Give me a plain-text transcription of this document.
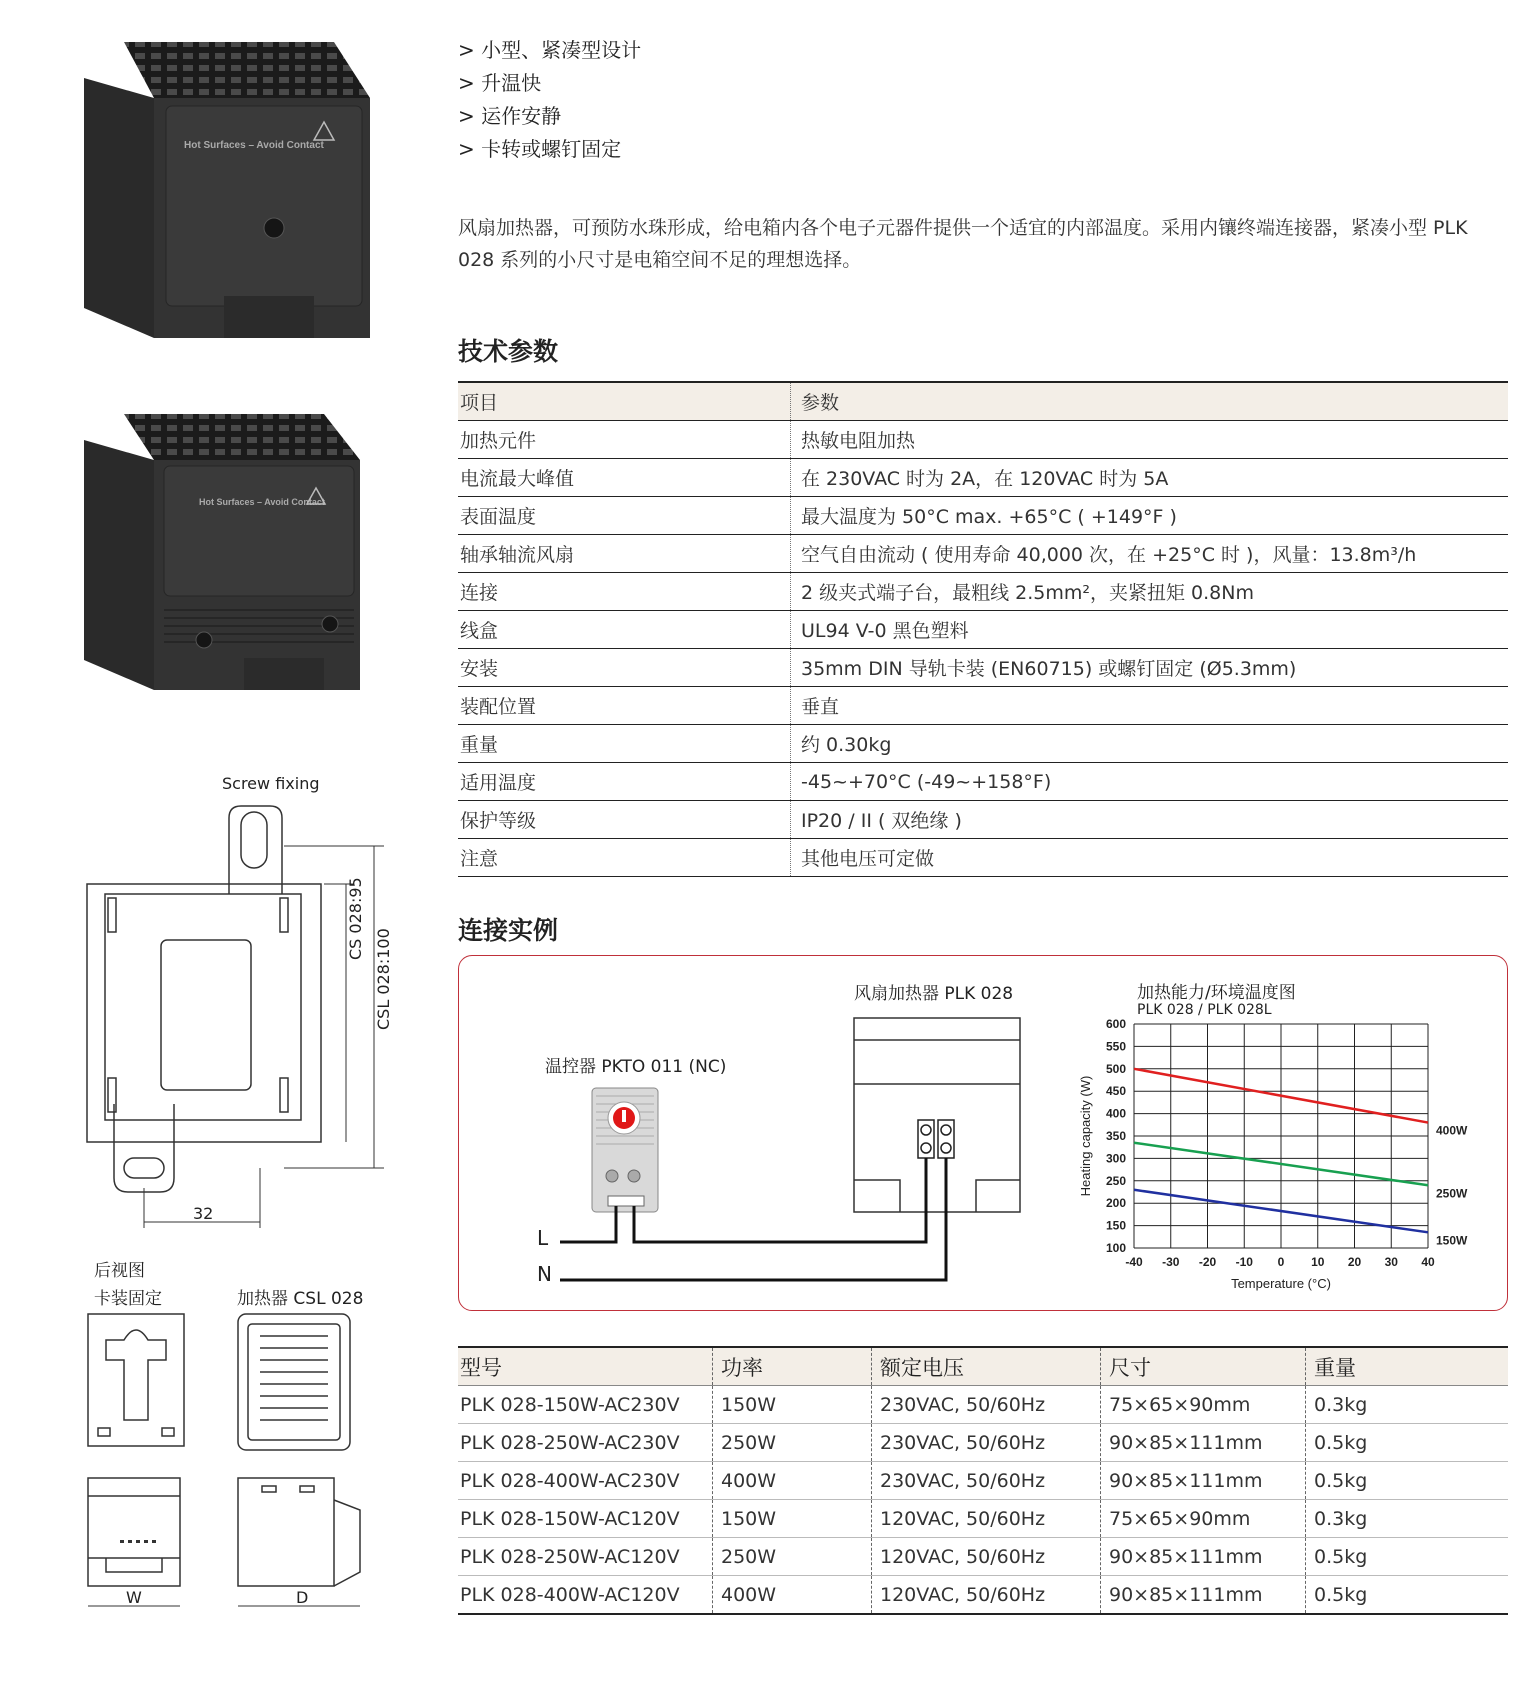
Hot Surfaces – Avoid Contact
Hot Surfaces – Avoid Contact
Screw fixing
CS 028:95
CSL 028:100
32
后视图
卡装固定	加热器 CSL 028
W	D
> 小型、紧凑型设计
> 升温快
> 运作安静
> 卡转或螺钉固定
风扇加热器，可预防水珠形成，给电箱内各个电子元器件提供一个适宜的内部温度。采用内镶终端连接器，紧凑小型 PLK 028 系列的小尺寸是电箱空间不足的理想选择。
技术参数
项目	参数
加热元件	热敏电阻加热
电流最大峰值	在 230VAC 时为 2A，在 120VAC 时为 5A
表面温度	最大温度为 50°C max. +65°C ( +149°F )
轴承轴流风扇	空气自由流动 ( 使用寿命 40,000 次，在 +25°C 时 )，风量：13.8m³/h
连接	2 级夹式端子台，最粗线 2.5mm²，夹紧扭矩 0.8Nm
线盒	UL94 V-0 黑色塑料
安装	35mm DIN 导轨卡装 (EN60715) 或螺钉固定 (Ø5.3mm)
装配位置	垂直
重量	约 0.30kg
适用温度	-45~+70°C (-49~+158°F)
保护等级	IP20 / II ( 双绝缘 )
注意	其他电压可定做
连接实例
温控器 PKTO 011 (NC)
风扇加热器 PLK 028
L
N
加热能力/环境温度图
PLK 028 / PLK 028L
-40 -30 -20 -10 0 10 20 30 40
100
150
200
250
300
350
400
450
500
550
600
400W
250W
150W
Temperature (°C)
Heating capacity (W)
型号	功率	额定电压	尺寸	重量
PLK 028-150W-AC230V	150W	230VAC, 50/60Hz	75×65×90mm	0.3kg
PLK 028-250W-AC230V	250W	230VAC, 50/60Hz	90×85×111mm	0.5kg
PLK 028-400W-AC230V	400W	230VAC, 50/60Hz	90×85×111mm	0.5kg
PLK 028-150W-AC120V	150W	120VAC, 50/60Hz	75×65×90mm	0.3kg
PLK 028-250W-AC120V	250W	120VAC, 50/60Hz	90×85×111mm	0.5kg
PLK 028-400W-AC120V	400W	120VAC, 50/60Hz	90×85×111mm	0.5kg
